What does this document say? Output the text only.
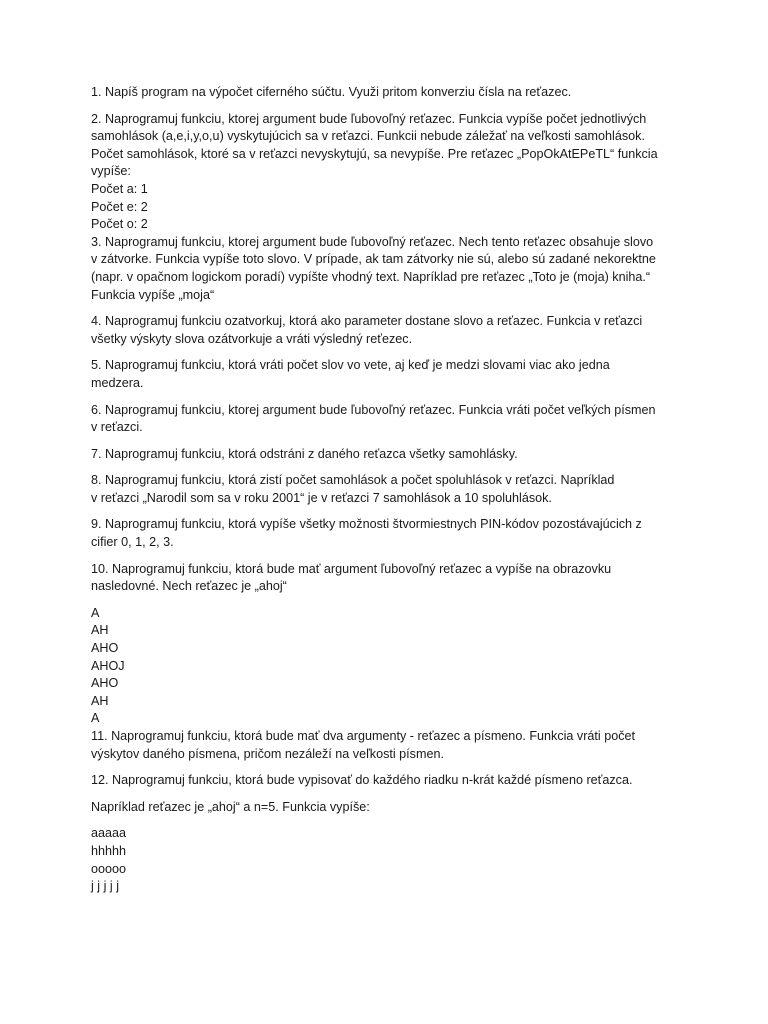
1. Napíš program na výpočet ciferného súčtu. Využi pritom konverziu čísla na reťazec.
2. Naprogramuj funkciu, ktorej argument bude ľubovoľný reťazec. Funkcia vypíše počet jednotlivých
samohlások (a,e,i,y,o,u) vyskytujúcich sa v reťazci. Funkcii nebude záležať na veľkosti samohlások.
Počet samohlások, ktoré sa v reťazci nevyskytujú, sa nevypíše. Pre reťazec „PopOkAtEPeTL“ funkcia
vypíše:
Počet a: 1
Počet e: 2
Počet o: 2
3. Naprogramuj funkciu, ktorej argument bude ľubovoľný reťazec. Nech tento reťazec obsahuje slovo
v zátvorke. Funkcia vypíše toto slovo. V prípade, ak tam zátvorky nie sú, alebo sú zadané nekorektne
(napr. v opačnom logickom poradí) vypíšte vhodný text. Napríklad pre reťazec „Toto je (moja) kniha.“
Funkcia vypíše „moja“
4. Naprogramuj funkciu ozatvorkuj, ktorá ako parameter dostane slovo a reťazec. Funkcia v reťazci
všetky výskyty slova ozátvorkuje a vráti výsledný reťezec.
5. Naprogramuj funkciu, ktorá vráti počet slov vo vete, aj keď je medzi slovami viac ako jedna
medzera.
6. Naprogramuj funkciu, ktorej argument bude ľubovoľný reťazec. Funkcia vráti počet veľkých písmen
v reťazci.
7. Naprogramuj funkciu, ktorá odstráni z daného reťazca všetky samohlásky.
8. Naprogramuj funkciu, ktorá zistí počet samohlások a počet spoluhlások v reťazci. Napríklad
v reťazci „Narodil som sa v roku 2001“ je v reťazci 7 samohlások a 10 spoluhlások.
9. Naprogramuj funkciu, ktorá vypíše všetky možnosti štvormiestnych PIN-kódov pozostávajúcich z
cifier 0, 1, 2, 3.
10. Naprogramuj funkciu, ktorá bude mať argument ľubovoľný reťazec a vypíše na obrazovku
nasledovné. Nech reťazec je „ahoj“
A
AH
AHO
AHOJ
AHO
AH
A
11. Naprogramuj funkciu, ktorá bude mať dva argumenty - reťazec a písmeno. Funkcia vráti počet
výskytov daného písmena, pričom nezáleží na veľkosti písmen.
12. Naprogramuj funkciu, ktorá bude vypisovať do každého riadku n-krát každé písmeno reťazca.
Napríklad reťazec je „ahoj“ a n=5. Funkcia vypíše:
aaaaa
hhhhh
ooooo
j j j j j
